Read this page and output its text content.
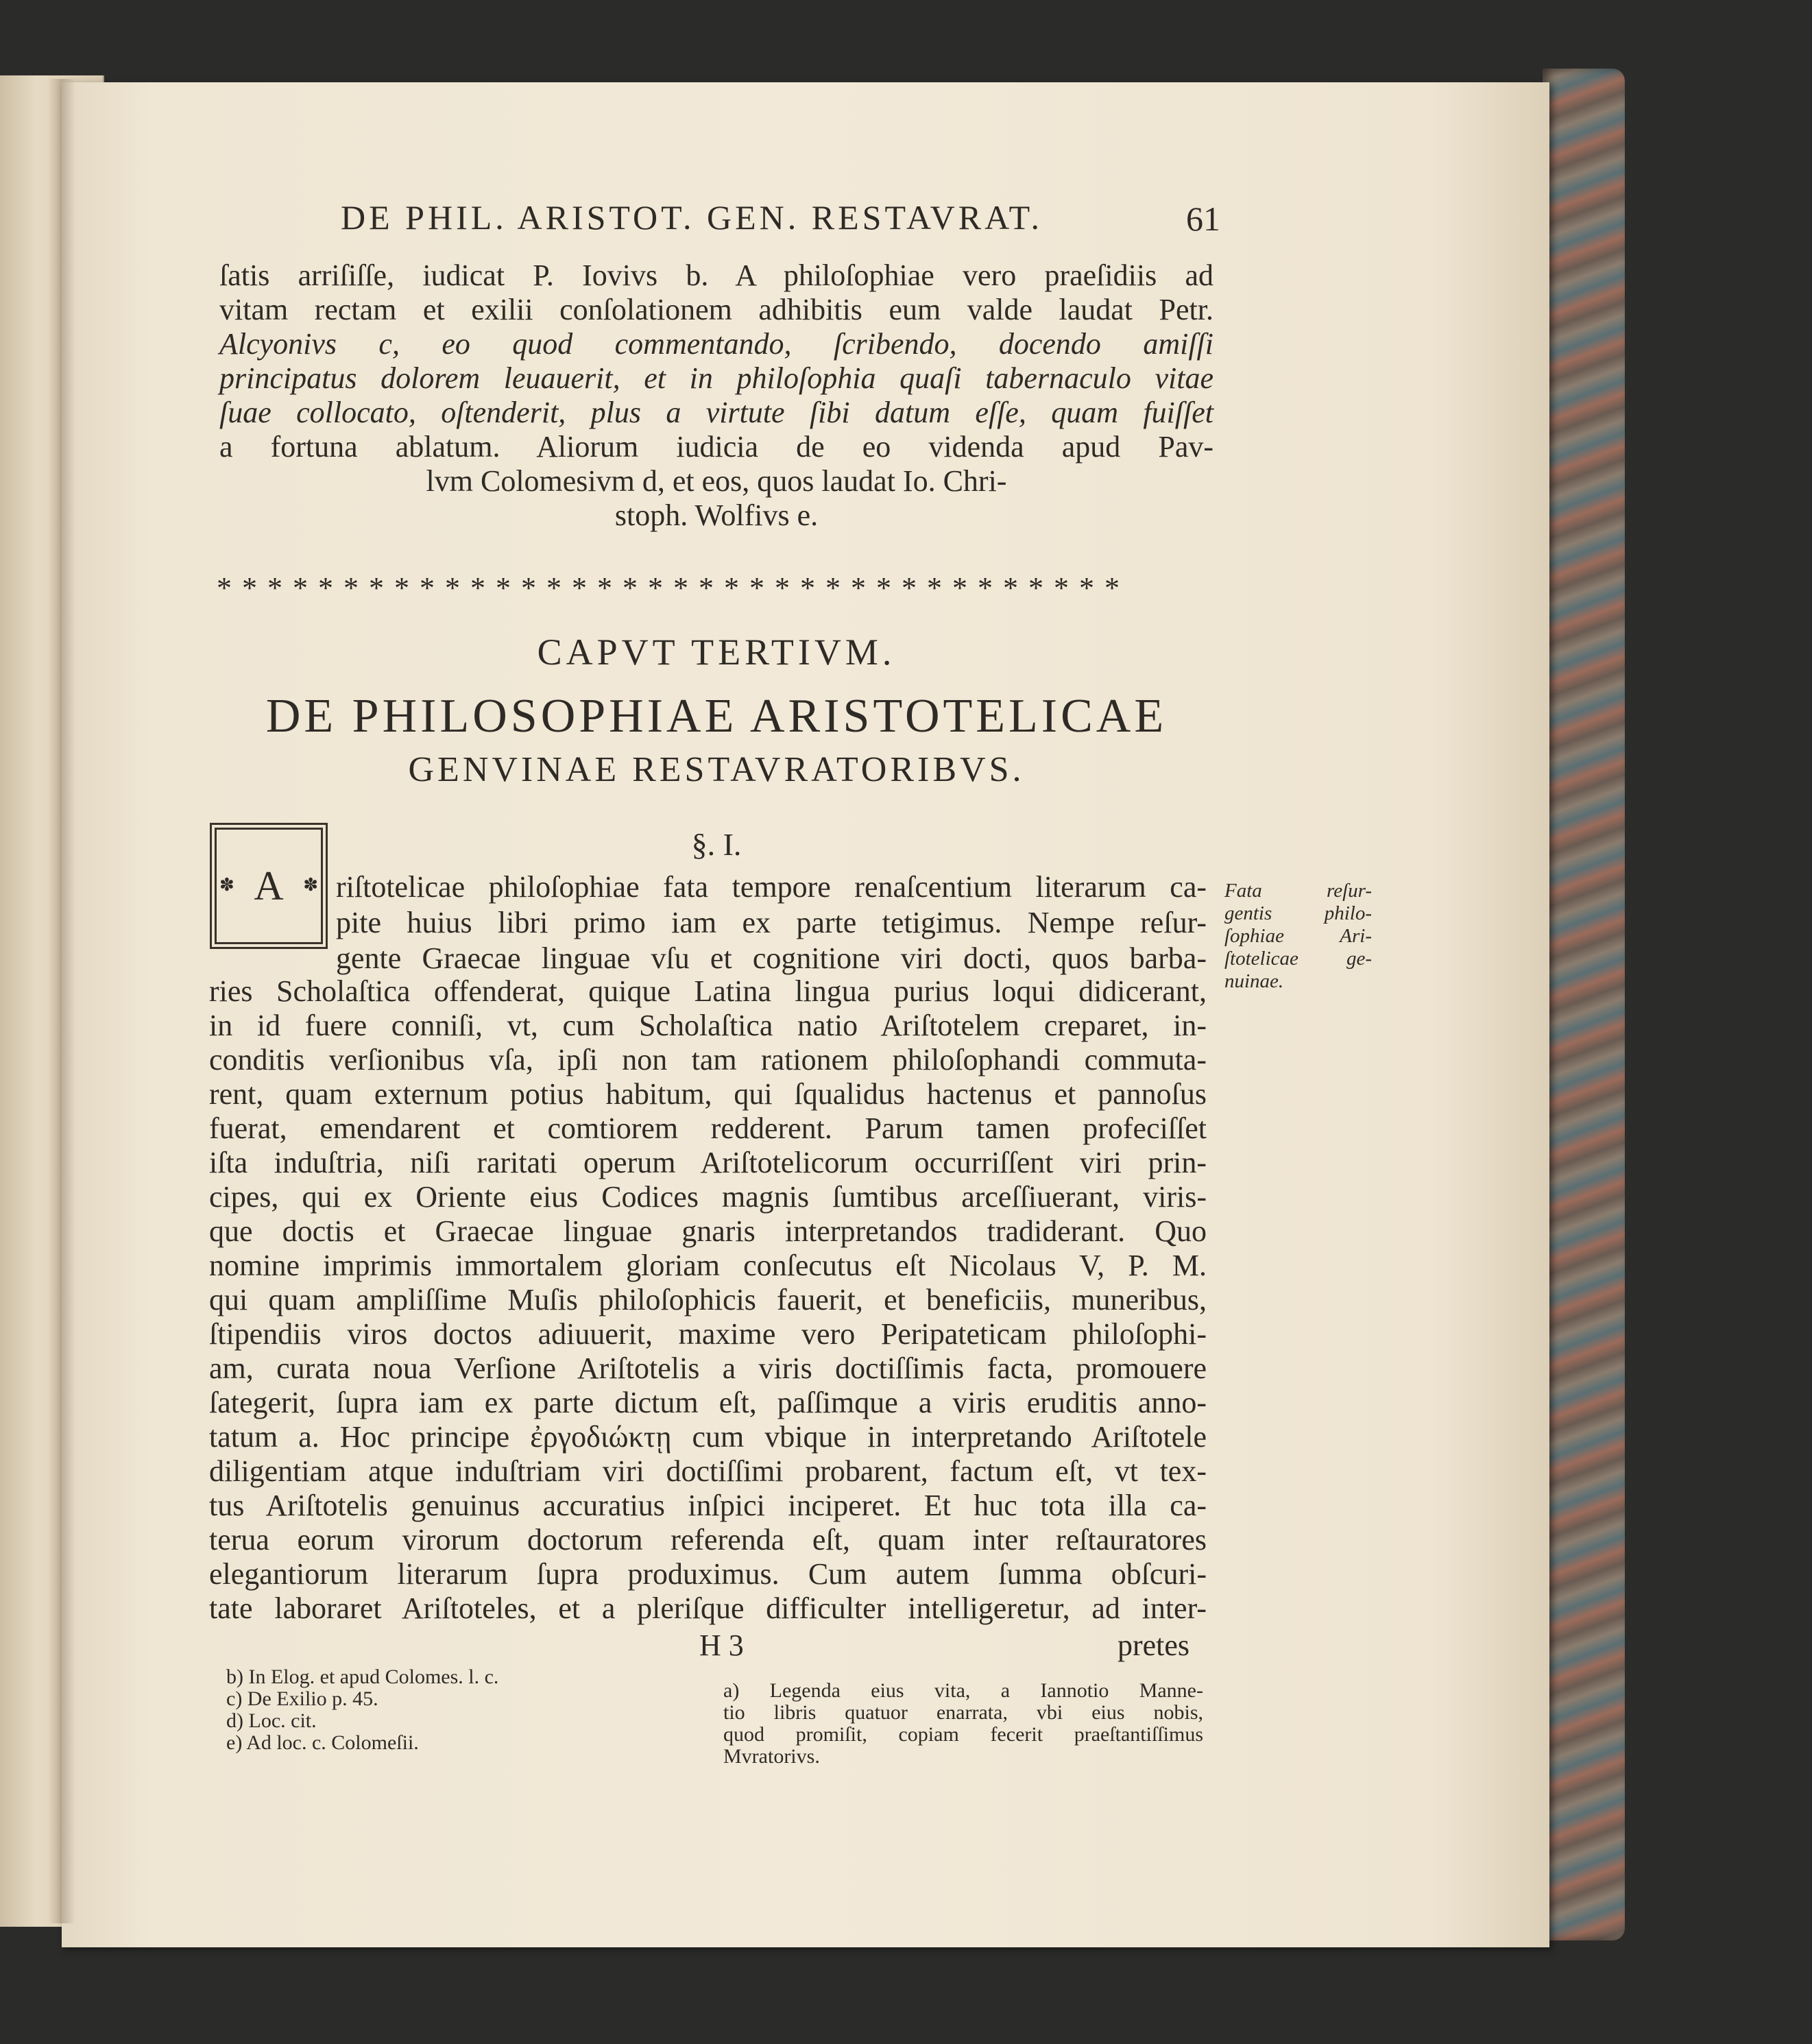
DE PHIL. ARISTOT. GEN. RESTAVRAT.	61
ſatis arriſiſſe, iudicat P. Iovivs b. A philoſophiae vero praeſidiis ad
vitam rectam et exilii conſolationem adhibitis eum valde laudat Petr.
Alcyonivs c, eo quod commentando, ſcribendo, docendo amiſſi
principatus dolorem leuauerit, et in philoſophia quaſi tabernaculo vitae
ſuae collocato, oſtenderit, plus a virtute ſibi datum eſſe, quam fuiſſet
a fortuna ablatum. Aliorum iudicia de eo videnda apud Pav-
lvm Colomesivm d, et eos, quos laudat Io. Chri-
stoph. Wolfivs e.
* * * * * * * * * * * * * * * * * * * * * * * * * * * * * * * * * * * *
CAPVT TERTIVM.
DE PHILOSOPHIAE ARISTOTELICAE
GENVINAE RESTAVRATORIBVS.
§. I.
✽ A
✽ riſtotelicae philoſophiae fata tempore renaſcentium literarum ca-
pite huius libri primo iam ex parte tetigimus. Nempe reſur-
gente Graecae linguae vſu et cognitione viri docti, quos barba-
ries Scholaſtica offenderat, quique Latina lingua purius loqui didicerant,
in id fuere conniſi, vt, cum Scholaſtica natio Ariſtotelem creparet, in-
conditis verſionibus vſa, ipſi non tam rationem philoſophandi commuta-
rent, quam externum potius habitum, qui ſqualidus hactenus et pannoſus
fuerat, emendarent et comtiorem redderent. Parum tamen profeciſſet
iſta induſtria, niſi raritati operum Ariſtotelicorum occurriſſent viri prin-
cipes, qui ex Oriente eius Codices magnis ſumtibus arceſſiuerant, viris-
que doctis et Graecae linguae gnaris interpretandos tradiderant. Quo
nomine imprimis immortalem gloriam conſecutus eſt Nicolaus V, P. M.
qui quam ampliſſime Muſis philoſophicis fauerit, et beneficiis, muneribus,
ſtipendiis viros doctos adiuuerit, maxime vero Peripateticam philoſophi-
am, curata noua Verſione Ariſtotelis a viris doctiſſimis facta, promouere
ſategerit, ſupra iam ex parte dictum eſt, paſſimque a viris eruditis anno-
tatum a. Hoc principe ἐργοδιώκτῃ cum vbique in interpretando Ariſtotele
diligentiam atque induſtriam viri doctiſſimi probarent, factum eſt, vt tex-
tus Ariſtotelis genuinus accuratius inſpici inciperet. Et huc tota illa ca-
terua eorum virorum doctorum referenda eſt, quam inter reſtauratores
elegantiorum literarum ſupra produximus. Cum autem ſumma obſcuri-
tate laboraret Ariſtoteles, et a pleriſque difficulter intelligeretur, ad inter-
Fata reſur-
gentis philo-
ſophiae Ari-
ſtotelicae ge-
nuinae.
H 3	pretes
b) In Elog. et apud Colomes. l. c.
c) De Exilio p. 45.
d) Loc. cit.
e) Ad loc. c. Colomeſii.
a) Legenda eius vita, a Iannotio Manne-
tio libris quatuor enarrata, vbi eius nobis,
quod promiſit, copiam fecerit praeſtantiſſimus
Mvratorivs.
